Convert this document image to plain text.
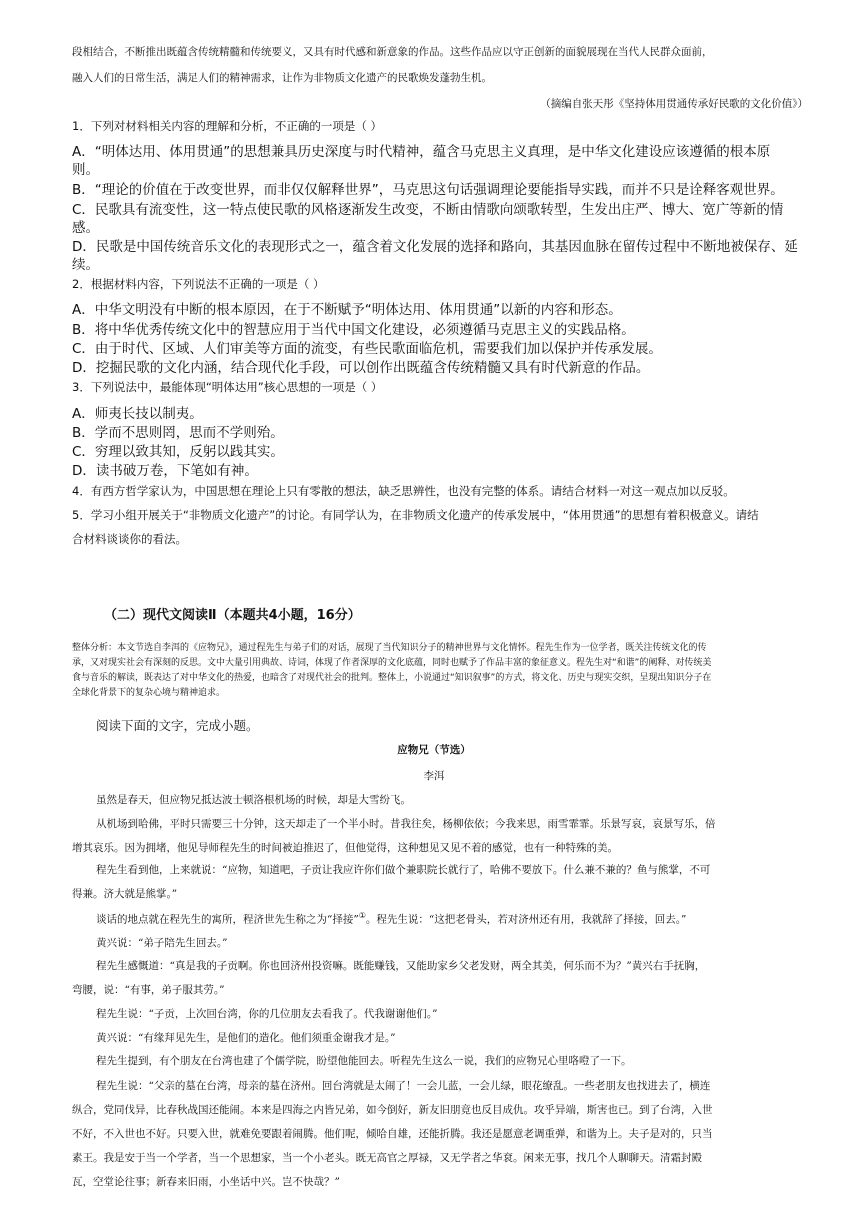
段相结合，不断推出既蕴含传统精髓和传统要义，又具有时代感和新意象的作品。这些作品应以守正创新的面貌展现在当代人民群众面前，
融入人们的日常生活，满足人们的精神需求，让作为非物质文化遗产的民歌焕发蓬勃生机。
（摘编自张天彤《坚持体用贯通传承好民歌的文化价值》）
1．下列对材料相关内容的理解和分析，不正确的一项是（ ）
A．“明体达用、体用贯通”的思想兼具历史深度与时代精神，蕴含马克思主义真理，是中华文化建设应该遵循的根本原
则。
B．“理论的价值在于改变世界，而非仅仅解释世界”，马克思这句话强调理论要能指导实践，而并不只是诠释客观世界。
C．民歌具有流变性，这一特点使民歌的风格逐渐发生改变，不断由情歌向颂歌转型，生发出庄严、博大、宽广等新的情
感。
D．民歌是中国传统音乐文化的表现形式之一，蕴含着文化发展的选择和路向，其基因血脉在留传过程中不断地被保存、延
续。
2．根据材料内容，下列说法不正确的一项是（ ）
A．中华文明没有中断的根本原因，在于不断赋予“明体达用、体用贯通”以新的内容和形态。
B．将中华优秀传统文化中的智慧应用于当代中国文化建设，必须遵循马克思主义的实践品格。
C．由于时代、区域、人们审美等方面的流变，有些民歌面临危机，需要我们加以保护并传承发展。
D．挖掘民歌的文化内涵，结合现代化手段，可以创作出既蕴含传统精髓又具有时代新意的作品。
3．下列说法中，最能体现“明体达用”核心思想的一项是（ ）
A．师夷长技以制夷。
B．学而不思则罔，思而不学则殆。
C．穷理以致其知，反躬以践其实。
D．读书破万卷，下笔如有神。
4．有西方哲学家认为，中国思想在理论上只有零散的想法，缺乏思辨性，也没有完整的体系。请结合材料一对这一观点加以反驳。
5．学习小组开展关于“非物质文化遗产”的讨论。有同学认为，在非物质文化遗产的传承发展中，“体用贯通”的思想有着积极意义。请结
合材料谈谈你的看法。
（二）现代文阅读Ⅱ（本题共4小题，16分）
整体分析：本文节选自李洱的《应物兄》，通过程先生与弟子们的对话，展现了当代知识分子的精神世界与文化情怀。程先生作为一位学者，既关注传统文化的传
承，又对现实社会有深刻的反思。文中大量引用典故、诗词，体现了作者深厚的文化底蕴，同时也赋予了作品丰富的象征意义。程先生对“和谐”的阐释、对传统美
食与音乐的解读，既表达了对中华文化的热爱，也暗含了对现代社会的批判。整体上，小说通过“知识叙事”的方式，将文化、历史与现实交织，呈现出知识分子在
全球化背景下的复杂心境与精神追求。
阅读下面的文字，完成小题。
应物兄（节选）
李洱
虽然是春天，但应物兄抵达波士顿洛根机场的时候，却是大雪纷飞。
从机场到哈佛，平时只需要三十分钟，这天却走了一个半小时。昔我往矣，杨柳依依；今我来思，雨雪霏霏。乐景写哀，哀景写乐，倍
增其哀乐。因为拥堵，他见导师程先生的时间被迫推迟了，但他觉得，这种想见又见不着的感觉，也有一种特殊的美。
程先生看到他，上来就说：“应物，知道吧，子贡让我应许你们做个兼职院长就行了，哈佛不要放下。什么兼不兼的？鱼与熊掌，不可
得兼。济大就是熊掌。”
谈话的地点就在程先生的寓所，程济世先生称之为“择接”①。程先生说：“这把老骨头，若对济州还有用，我就辞了择接，回去。”
黄兴说：“弟子陪先生回去。”
程先生感慨道：“真是我的子贡啊。你也回济州投资嘛。既能赚钱，又能助家乡父老发财，两全其美，何乐而不为？”黄兴右手抚胸，
弯腰，说：“有事，弟子服其劳。”
程先生说：“子贡，上次回台湾，你的几位朋友去看我了。代我谢谢他们。”
黄兴说：“有缘拜见先生，是他们的造化。他们须重金谢我才是。”
程先生提到，有个朋友在台湾也建了个儒学院，盼望他能回去。听程先生这么一说，我们的应物兄心里咯噔了一下。
程先生说：“父亲的墓在台湾，母亲的墓在济州。回台湾就是太闹了！一会儿蓝，一会儿绿，眼花缭乱。一些老朋友也找进去了，横连
纵合，党同伐异，比春秋战国还能闹。本来是四海之内皆兄弟，如今倒好，新友旧朋竟也反目成仇。攻乎异端，斯害也已。到了台湾，入世
不好，不入世也不好。只要入世，就难免要跟着闹腾。他们呢，倾哈自雄，还能折腾。我还是愿意老调重弹，和谐为上。夫子是对的，只当
素王。我是安于当一个学者，当一个思想家，当一个小老头。既无高官之厚禄，又无学者之华袞。闲来无事，找几个人聊聊天。清霜封殿
瓦，空堂论往事；新春来旧雨，小坐话中兴。岂不快哉？”
